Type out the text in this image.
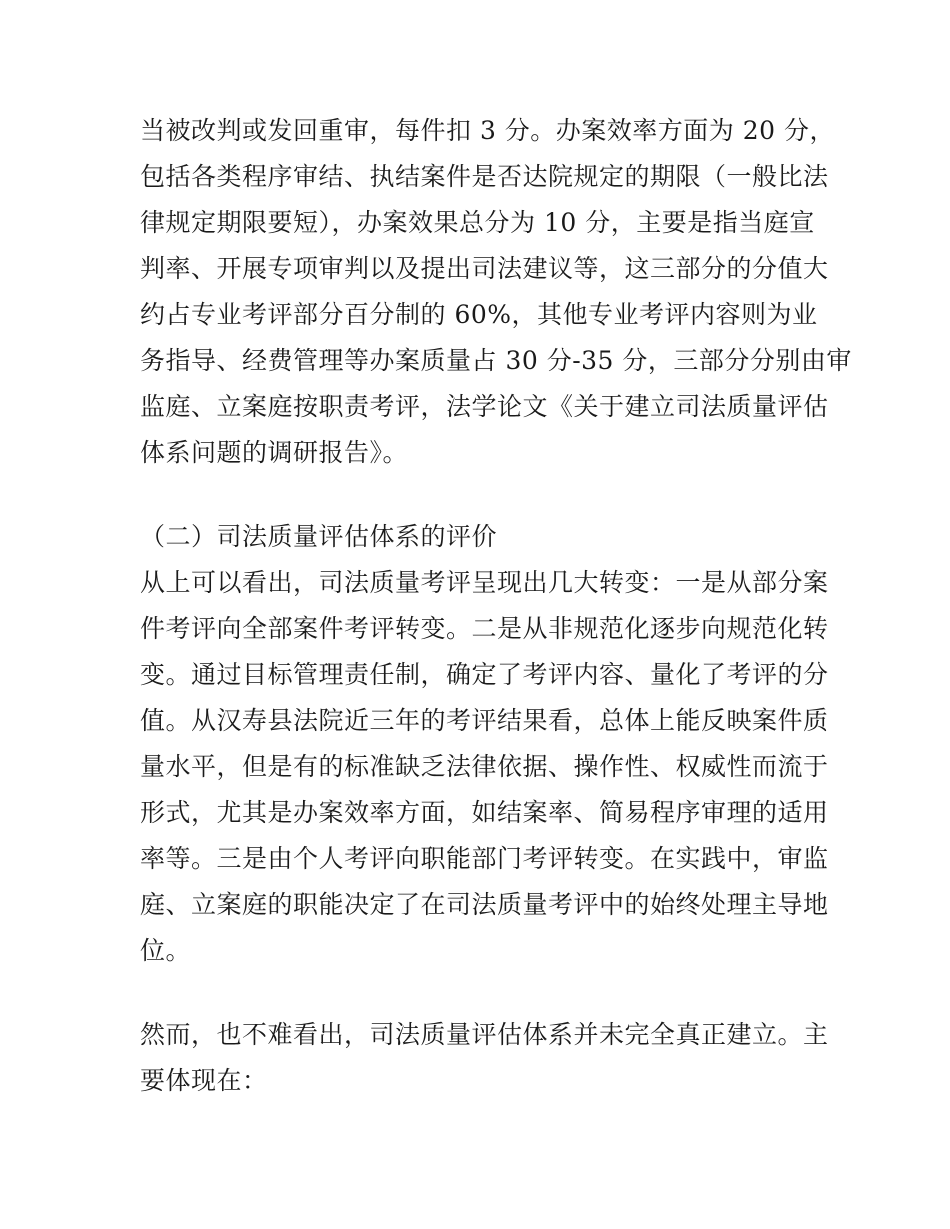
当被改判或发回重审，每件扣 3 分。办案效率方面为 20 分，
包括各类程序审结、执结案件是否达院规定的期限（一般比法
律规定期限要短），办案效果总分为 10 分，主要是指当庭宣
判率、开展专项审判以及提出司法建议等，这三部分的分值大
约占专业考评部分百分制的 60%，其他专业考评内容则为业
务指导、经费管理等办案质量占 30 分-35 分，三部分分别由审
监庭、立案庭按职责考评，法学论文《关于建立司法质量评估
体系问题的调研报告》。
（二）司法质量评估体系的评价
从上可以看出，司法质量考评呈现出几大转变：一是从部分案
件考评向全部案件考评转变。二是从非规范化逐步向规范化转
变。通过目标管理责任制，确定了考评内容、量化了考评的分
值。从汉寿县法院近三年的考评结果看，总体上能反映案件质
量水平，但是有的标准缺乏法律依据、操作性、权威性而流于
形式，尤其是办案效率方面，如结案率、简易程序审理的适用
率等。三是由个人考评向职能部门考评转变。在实践中，审监
庭、立案庭的职能决定了在司法质量考评中的始终处理主导地
位。
然而，也不难看出，司法质量评估体系并未完全真正建立。主
要体现在：
